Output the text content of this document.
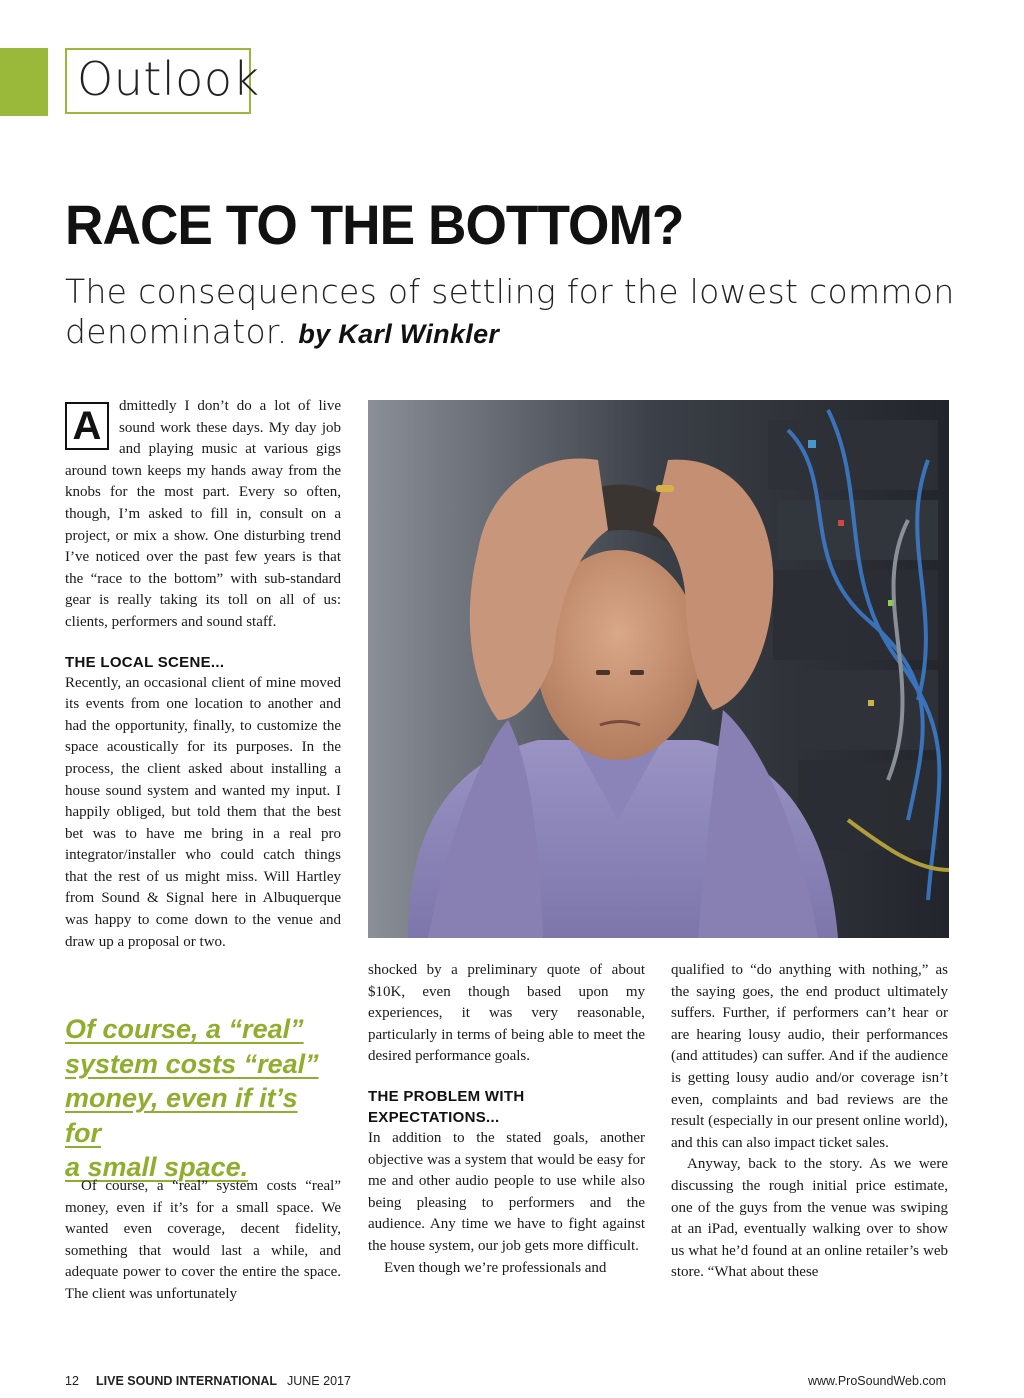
Outlook
RACE TO THE BOTTOM?

The consequences of settling for the lowest common denominator. by Karl Winkler

A	dmittedly I don’t do a lot of live sound work these days. My day job and playing music at various gigs around town keeps my hands away from the knobs for the most part. Every so often, though, I’m asked to fill in, consult on a project, or mix a show. One disturbing trend I’ve noticed over the past few years is that the “race to the bottom” with sub-standard gear is really taking its toll on all of us: clients, performers and sound staff.

THE LOCAL SCENE...

Recently, an occasional client of mine moved its events from one location to another and had the opportunity, finally, to customize the space acoustically for its purposes. In the process, the client asked about installing a house sound system and wanted my input. I happily obliged, but told them that the best bet was to have me bring in a real pro integrator/installer who could catch things that the rest of us might miss. Will Hartley from Sound & Signal here in Albuquerque was happy to come down to the venue and draw up a proposal or two.

Of course, a “real”
system costs “real”
money, even if it’s for
a small space.

Of course, a “real” system costs “real” money, even if it’s for a small space. We wanted even coverage, decent fidelity, something that would last a while, and adequate power to cover the entire the space. The client was unfortunately

shocked by a preliminary quote of about $10K, even though based upon my experiences, it was very reasonable, particularly in terms of being able to meet the desired performance goals.

THE PROBLEM WITH EXPECTATIONS...

In addition to the stated goals, another objective was a system that would be easy for me and other audio people to use while also being pleasing to performers and the audience. Any time we have to fight against the house system, our job gets more difficult.

Even though we’re professionals and

qualified to “do anything with nothing,” as the saying goes, the end product ultimately suffers. Further, if performers can’t hear or are hearing lousy audio, their performances (and attitudes) can suffer. And if the audience is getting lousy audio and/or coverage isn’t even, complaints and bad reviews are the result (especially in our present online world), and this can also impact ticket sales.

Anyway, back to the story. As we were discussing the rough initial price estimate, one of the guys from the venue was swiping at an iPad, eventually walking over to show us what he’d found at an online retailer’s web store. “What about these

12 LIVE SOUND INTERNATIONAL JUNE 2017	www.ProSoundWeb.com
